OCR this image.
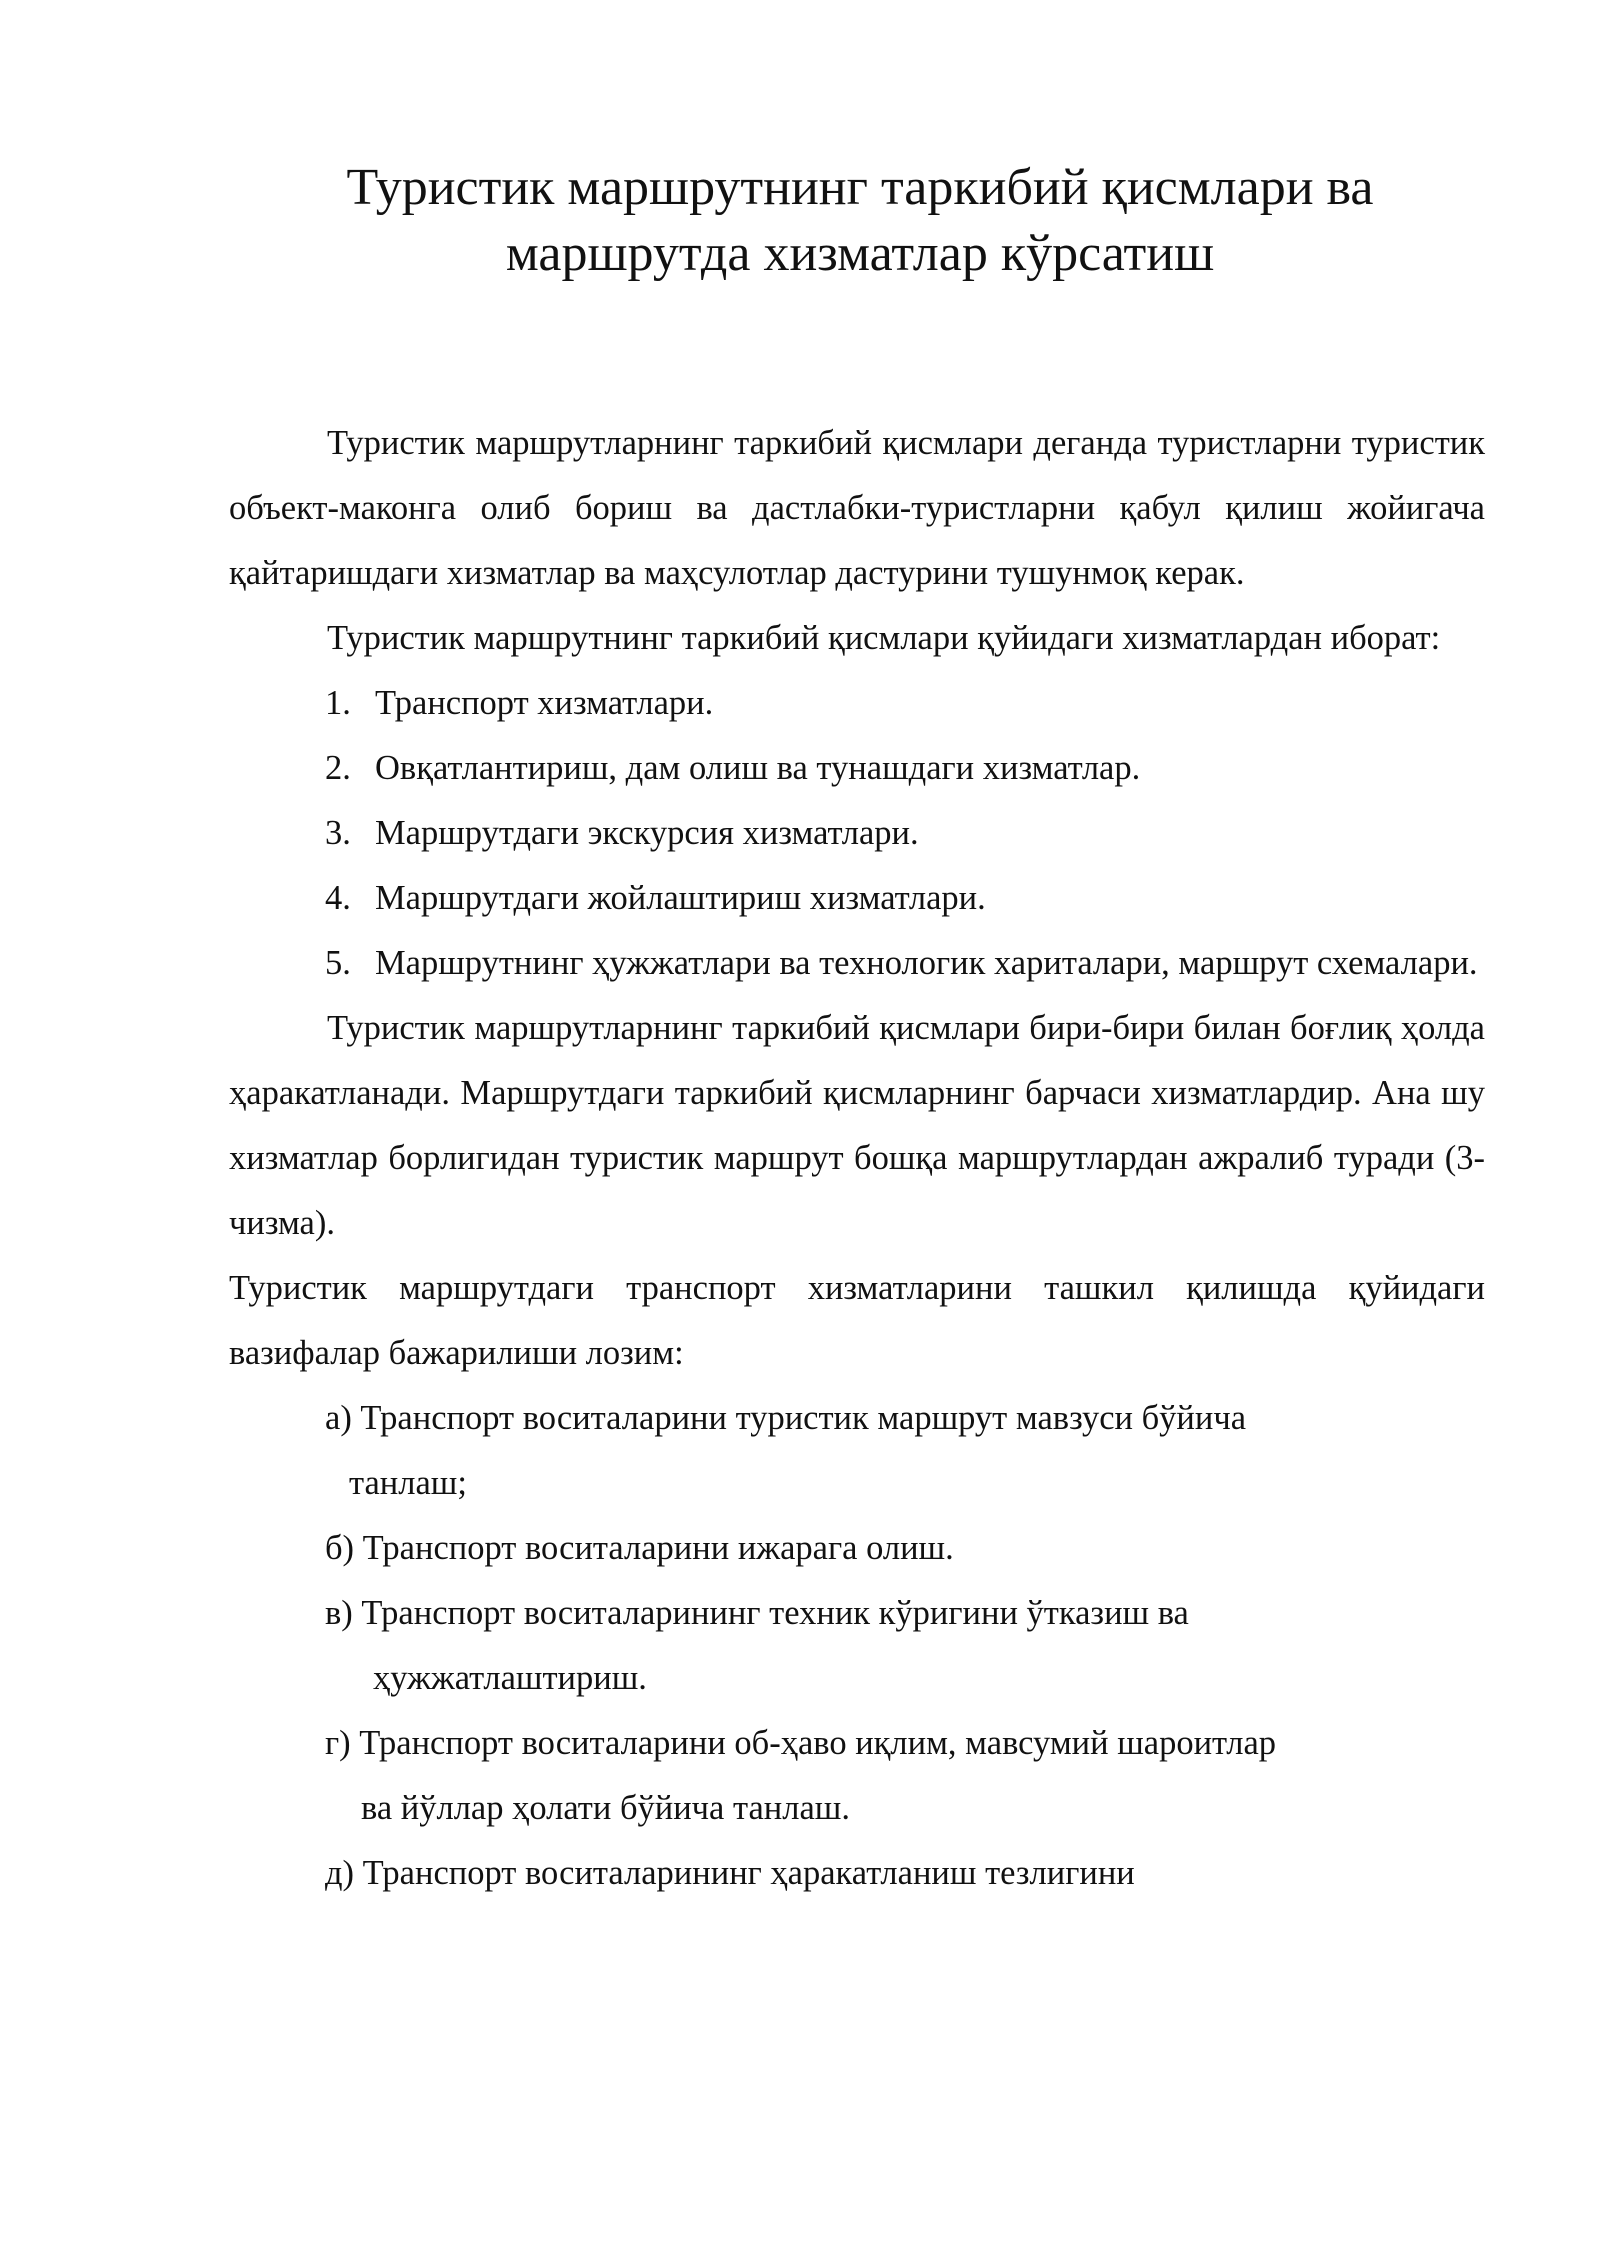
Туристик маршрутнинг таркибий қисмлари ва
маршрутда хизматлар кўрсатиш

Туристик маршрутларнинг таркибий қисмлари деганда туристларни туристик объект-маконга олиб бориш ва дастлабки-туристларни қабул қилиш жойигача қайтаришдаги хизматлар ва маҳсулотлар дастурини тушунмоқ керак.

Туристик маршрутнинг таркибий қисмлари қуйидаги хизматлардан иборат:

1. Транспорт хизматлари.
2. Овқатлантириш, дам олиш ва тунашдаги хизматлар.
3. Маршрутдаги экскурсия хизматлари.
4. Маршрутдаги жойлаштириш хизматлари.
5. Маршрутнинг ҳужжатлари ва технологик хариталари, маршрут схемалари.

Туристик маршрутларнинг таркибий қисмлари бири-бири билан боғлиқ ҳолда ҳаракатланади. Маршрутдаги таркибий қисмларнинг барчаси хизматлардир. Ана шу хизматлар борлигидан туристик маршрут бошқа маршрутлардан ажралиб туради (3-чизма).

Туристик маршрутдаги транспорт хизматларини ташкил қилишда қуйидаги вазифалар бажарилиши лозим:

а) Транспорт воситаларини туристик маршрут мавзуси бўйича
танлаш;

б) Транспорт воситаларини ижарага олиш.

в) Транспорт воситаларининг техник кўригини ўтказиш ва
ҳужжатлаштириш.

г) Транспорт воситаларини об-ҳаво иқлим, мавсумий шароитлар
ва йўллар ҳолати бўйича танлаш.

д) Транспорт воситаларининг ҳаракатланиш тезлигини
